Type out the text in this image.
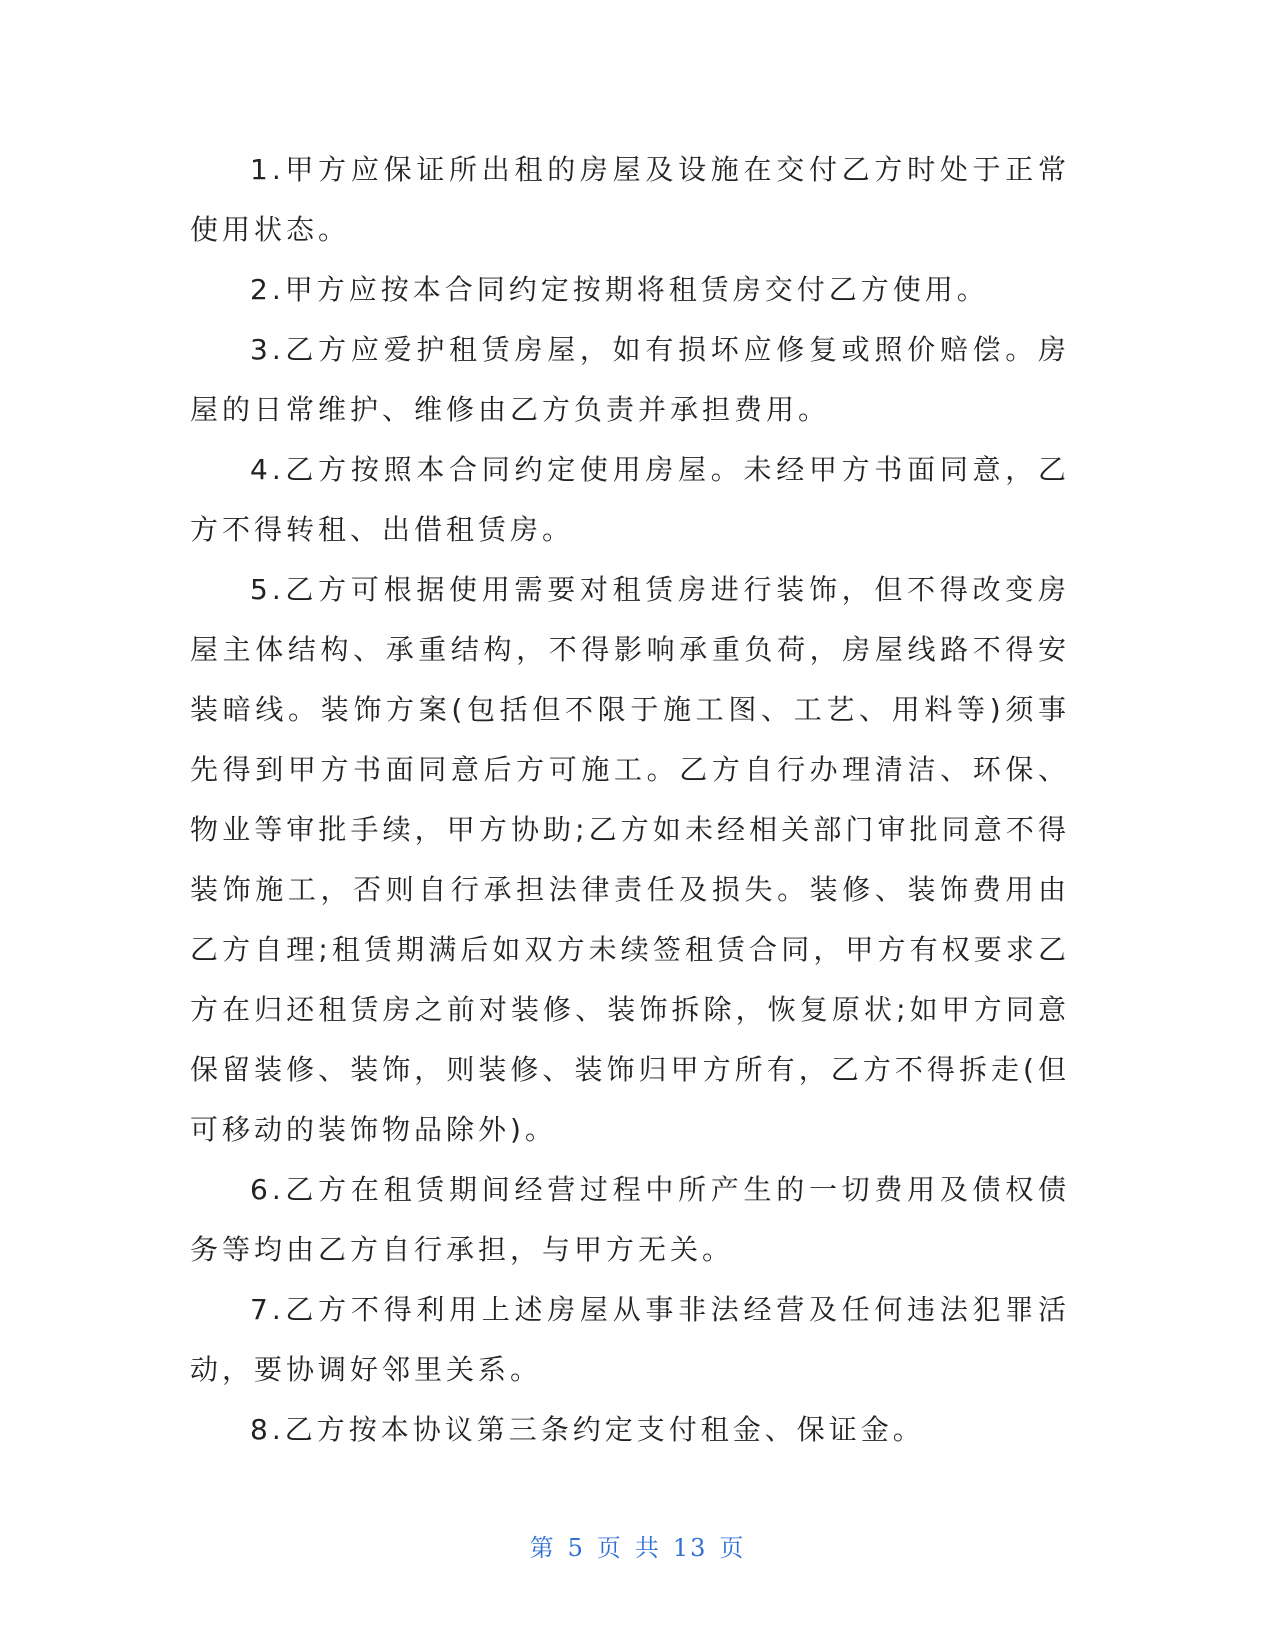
1.甲方应保证所出租的房屋及设施在交付乙方时处于正常使用状态。

2.甲方应按本合同约定按期将租赁房交付乙方使用。

3.乙方应爱护租赁房屋，如有损坏应修复或照价赔偿。房屋的日常维护、维修由乙方负责并承担费用。

4.乙方按照本合同约定使用房屋。未经甲方书面同意，乙方不得转租、出借租赁房。

5.乙方可根据使用需要对租赁房进行装饰，但不得改变房屋主体结构、承重结构，不得影响承重负荷，房屋线路不得安装暗线。装饰方案(包括但不限于施工图、工艺、用料等)须事先得到甲方书面同意后方可施工。乙方自行办理清洁、环保、物业等审批手续，甲方协助;乙方如未经相关部门审批同意不得装饰施工，否则自行承担法律责任及损失。装修、装饰费用由乙方自理;租赁期满后如双方未续签租赁合同，甲方有权要求乙方在归还租赁房之前对装修、装饰拆除，恢复原状;如甲方同意保留装修、装饰，则装修、装饰归甲方所有，乙方不得拆走(但可移动的装饰物品除外)。

6.乙方在租赁期间经营过程中所产生的一切费用及债权债务等均由乙方自行承担，与甲方无关。

7.乙方不得利用上述房屋从事非法经营及任何违法犯罪活动，要协调好邻里关系。

8.乙方按本协议第三条约定支付租金、保证金。

第 5 页 共 13 页
